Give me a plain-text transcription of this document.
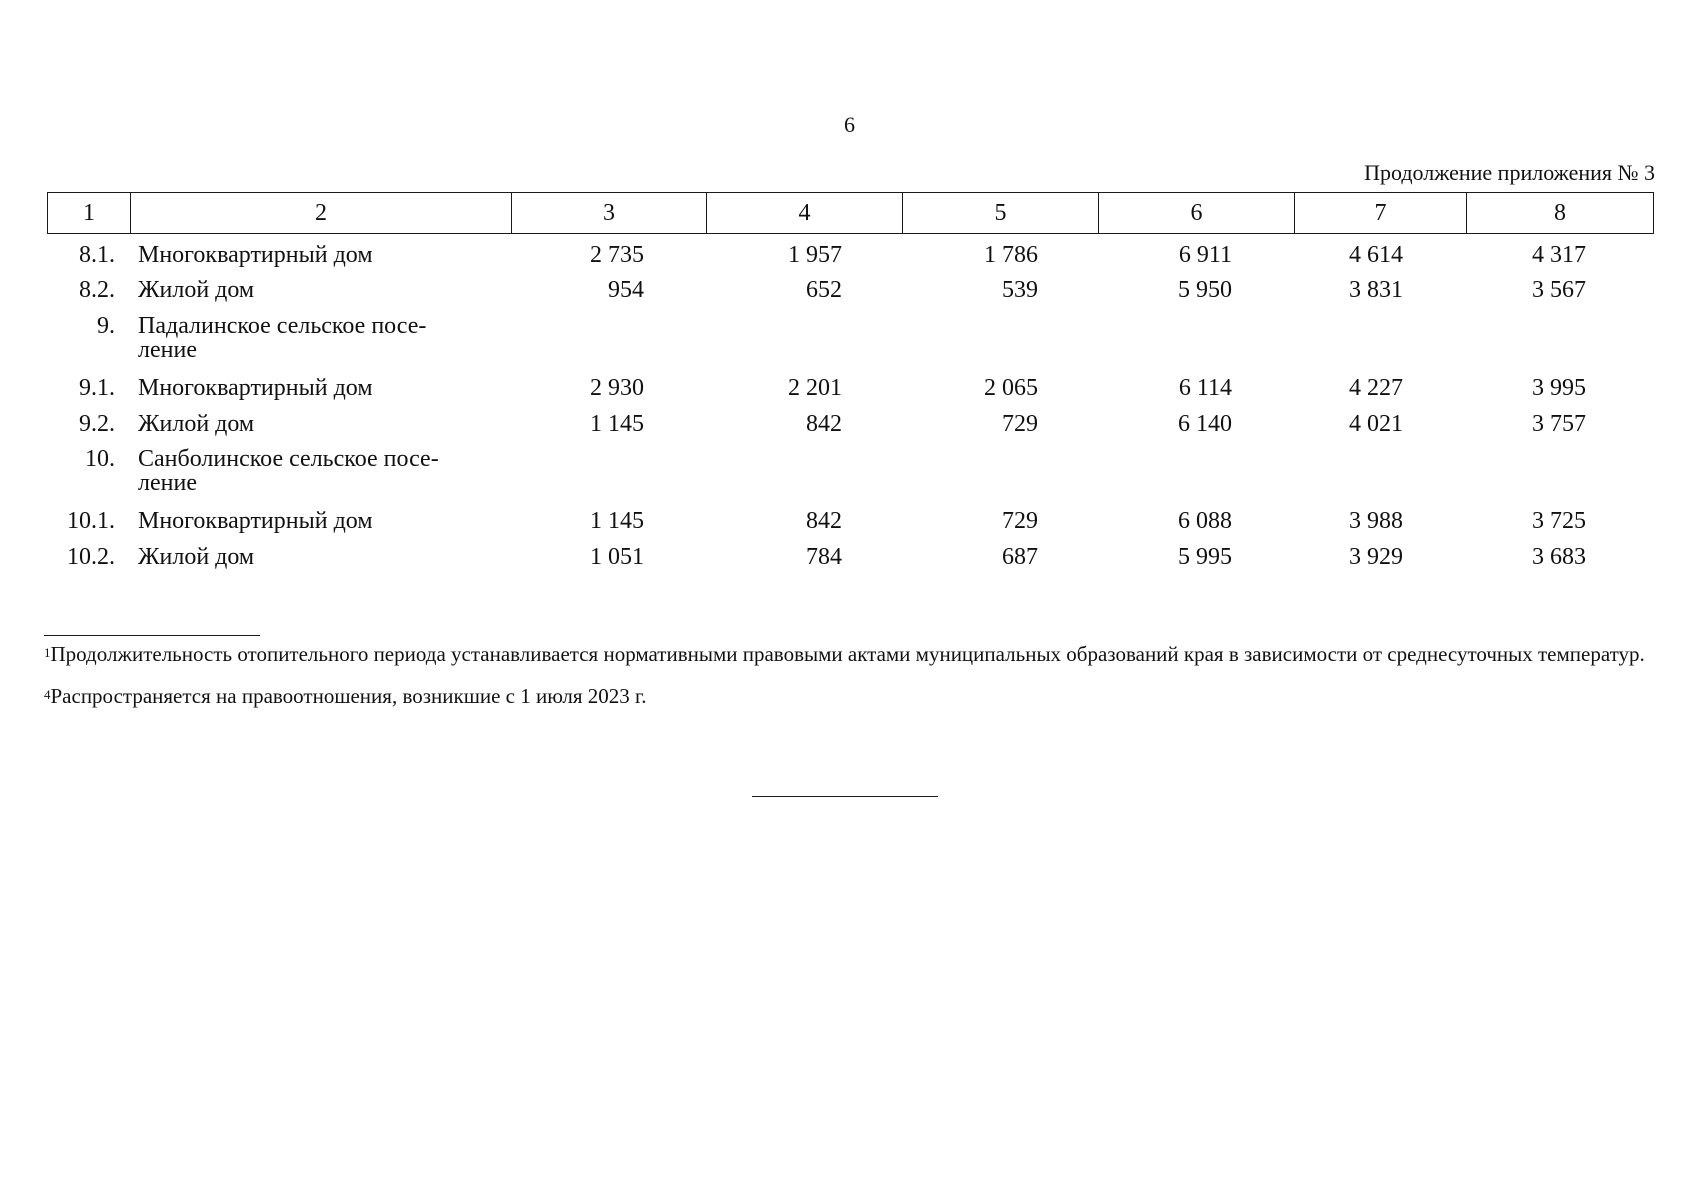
6
Продолжение приложения № 3
1	2	3	4	5	6	7	8
8.1. Многоквартирный дом	2 735	1 957	1 786	6 911	4 614	4 317
8.2. Жилой дом	954	652	539	5 950	3 831	3 567
9. Падалинское сельское посе-
ление
9.1. Многоквартирный дом	2 930	2 201	2 065	6 114	4 227	3 995
9.2. Жилой дом	1 145	842	729	6 140	4 021	3 757
10. Санболинское сельское посе-
ление
10.1. Многоквартирный дом	1 145	842	729	6 088	3 988	3 725
10.2. Жилой дом	1 051	784	687	5 995	3 929	3 683
$^1$Продолжительность отопительного периода устанавливается нормативными правовыми актами муниципальных образований края в зависимости от среднесуточных температур.
$^4$Распространяется на правоотношения, возникшие с 1 июля 2023 г.
